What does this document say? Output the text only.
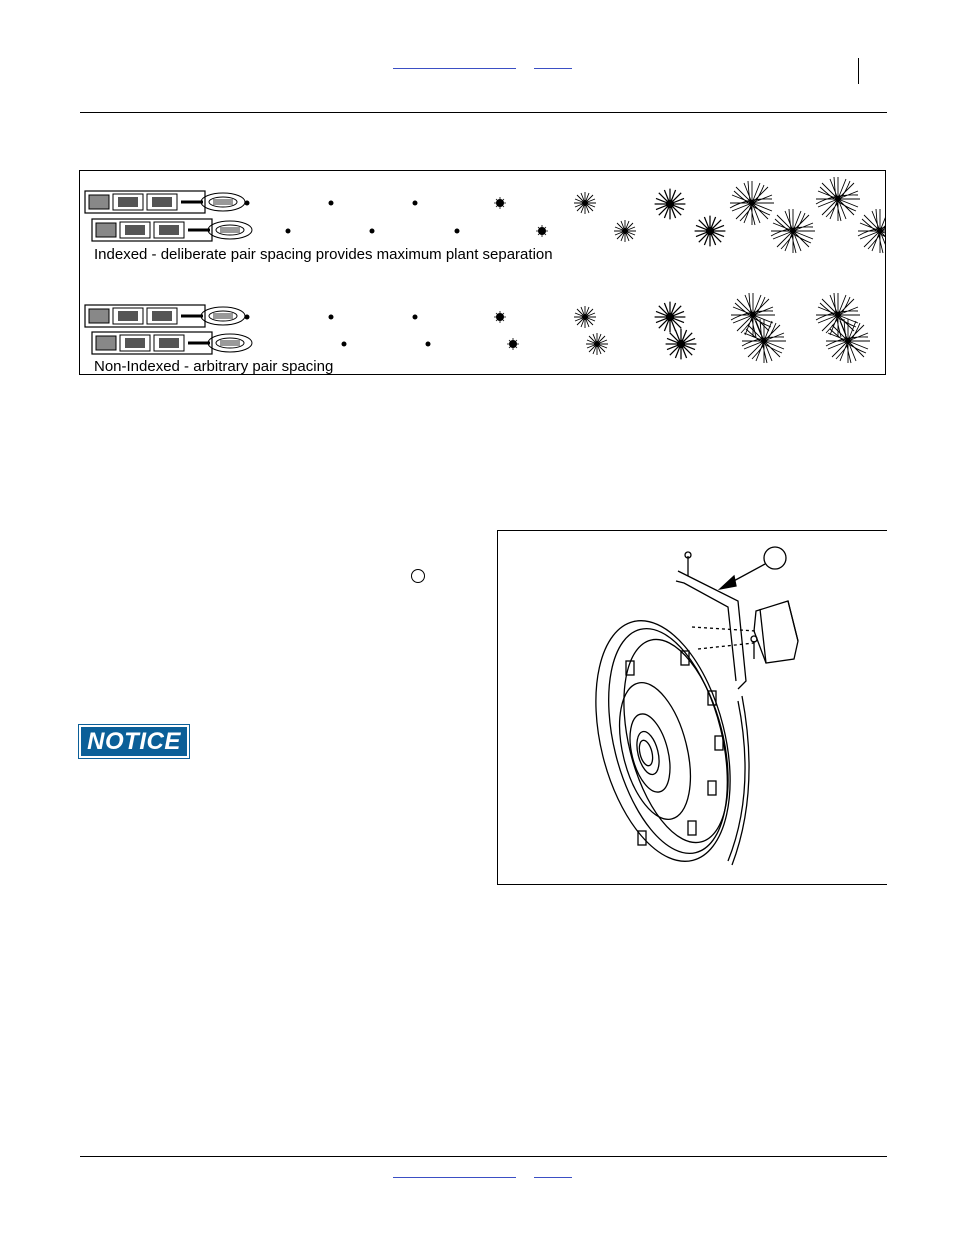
Indexed - deliberate pair spacing provides maximum plant separation
Non-Indexed - arbitrary pair spacing
NOTICE
